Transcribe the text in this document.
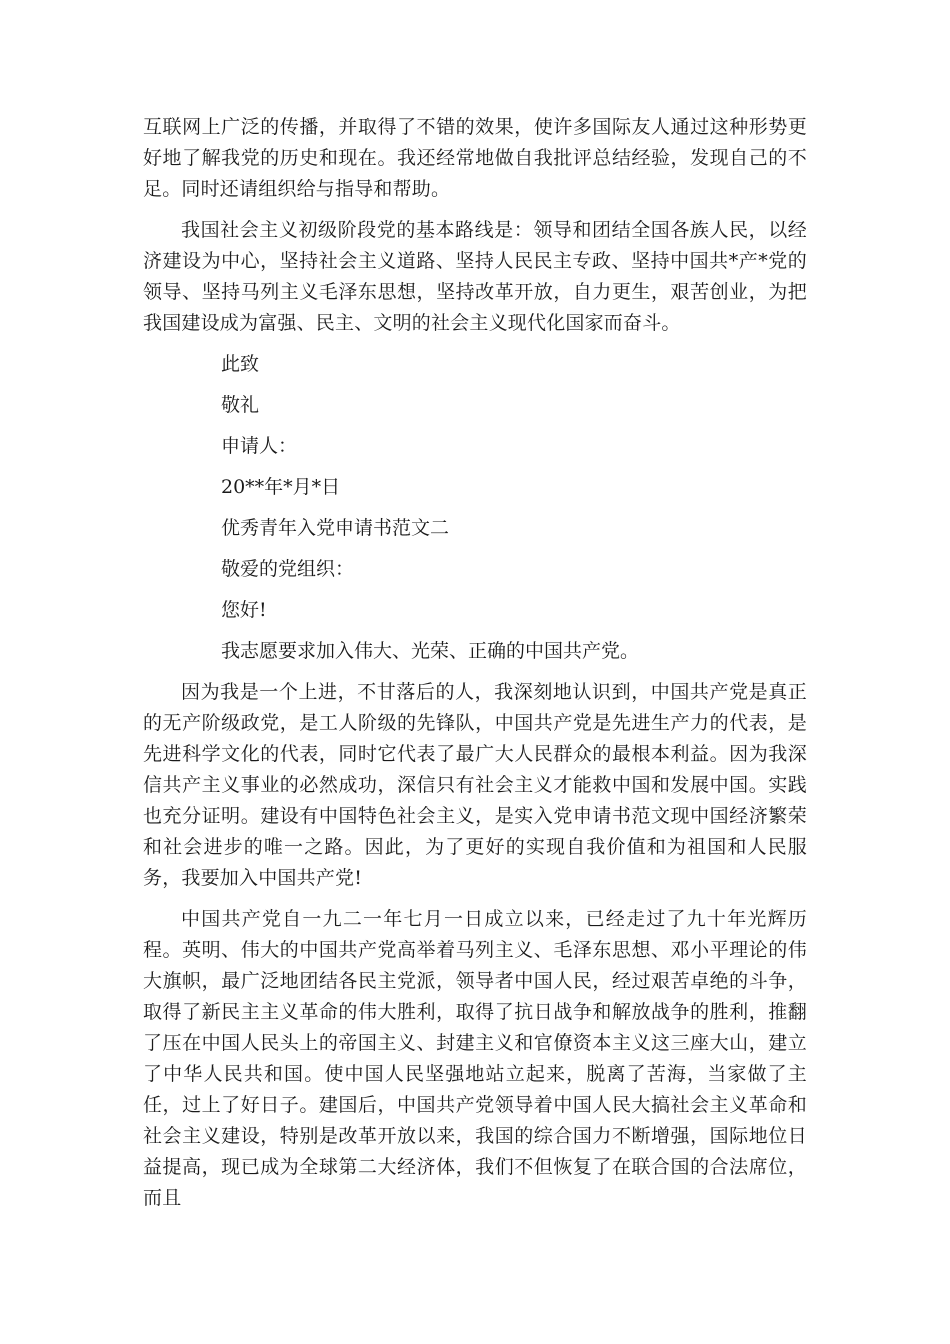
互联网上广泛的传播，并取得了不错的效果，使许多国际友人通过这种形势更好地了解我党的历史和现在。我还经常地做自我批评总结经验，发现自己的不足。同时还请组织给与指导和帮助。

我国社会主义初级阶段党的基本路线是：领导和团结全国各族人民，以经济建设为中心，坚持社会主义道路、坚持人民民主专政、坚持中国共*产*党的领导、坚持马列主义毛泽东思想，坚持改革开放，自力更生，艰苦创业，为把我国建设成为富强、民主、文明的社会主义现代化国家而奋斗。

此致

敬礼

申请人：

20**年*月*日

优秀青年入党申请书范文二

敬爱的党组织：

您好!

我志愿要求加入伟大、光荣、正确的中国共产党。

因为我是一个上进，不甘落后的人，我深刻地认识到，中国共产党是真正的无产阶级政党，是工人阶级的先锋队，中国共产党是先进生产力的代表，是先进科学文化的代表，同时它代表了最广大人民群众的最根本利益。因为我深信共产主义事业的必然成功，深信只有社会主义才能救中国和发展中国。实践也充分证明。建设有中国特色社会主义，是实入党申请书范文现中国经济繁荣和社会进步的唯一之路。因此，为了更好的实现自我价值和为祖国和人民服务，我要加入中国共产党!

中国共产党自一九二一年七月一日成立以来，已经走过了九十年光辉历程。英明、伟大的中国共产党高举着马列主义、毛泽东思想、邓小平理论的伟大旗帜，最广泛地团结各民主党派，领导者中国人民，经过艰苦卓绝的斗争，取得了新民主主义革命的伟大胜利，取得了抗日战争和解放战争的胜利，推翻了压在中国人民头上的帝国主义、封建主义和官僚资本主义这三座大山，建立了中华人民共和国。使中国人民坚强地站立起来，脱离了苦海，当家做了主任，过上了好日子。建国后，中国共产党领导着中国人民大搞社会主义革命和社会主义建设，特别是改革开放以来，我国的综合国力不断增强，国际地位日益提高，现已成为全球第二大经济体，我们不但恢复了在联合国的合法席位，而且
